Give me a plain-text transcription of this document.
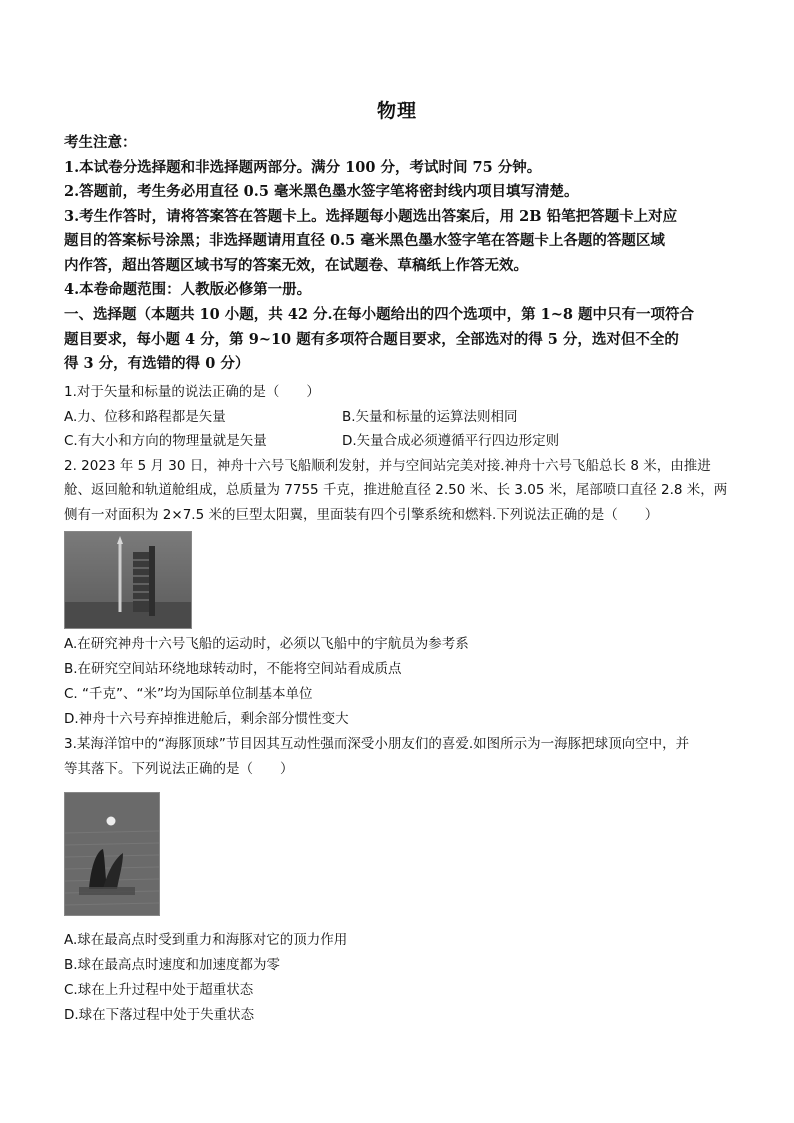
物理

考生注意：

1.本试卷分选择题和非选择题两部分。满分 100 分，考试时间 75 分钟。

2.答题前，考生务必用直径 0.5 毫米黑色墨水签字笔将密封线内项目填写清楚。

3.考生作答时，请将答案答在答题卡上。选择题每小题选出答案后，用 2B 铅笔把答题卡上对应

题目的答案标号涂黑；非选择题请用直径 0.5 毫米黑色墨水签字笔在答题卡上各题的答题区域

内作答，超出答题区域书写的答案无效，在试题卷、草稿纸上作答无效。

4.本卷命题范围：人教版必修第一册。

一、选择题（本题共 10 小题，共 42 分.在每小题给出的四个选项中，第 1~8 题中只有一项符合
题目要求，每小题 4 分，第 9~10 题有多项符合题目要求，全部选对的得 5 分，选对但不全的
得 3 分，有选错的得 0 分）

1.对于矢量和标量的说法正确的是（　　）

A.力、位移和路程都是矢量	B.矢量和标量的运算法则相同
C.有大小和方向的物理量就是矢量	D.矢量合成必须遵循平行四边形定则

2. 2023 年 5 月 30 日，神舟十六号飞船顺利发射，并与空间站完美对接.神舟十六号飞船总长 8 米，由推进

舱、返回舱和轨道舱组成，总质量为 7755 千克，推进舱直径 2.50 米、长 3.05 米，尾部喷口直径 2.8 米，两

侧有一对面积为 2×7.5 米的巨型太阳翼，里面装有四个引擎系统和燃料.下列说法正确的是（　　）

A.在研究神舟十六号飞船的运动时，必须以飞船中的宇航员为参考系

B.在研究空间站环绕地球转动时，不能将空间站看成质点

C. “千克”、“米”均为国际单位制基本单位

D.神舟十六号弃掉推进舱后，剩余部分惯性变大

3.某海洋馆中的“海豚顶球”节目因其互动性强而深受小朋友们的喜爱.如图所示为一海豚把球顶向空中，并

等其落下。下列说法正确的是（　　）

A.球在最高点时受到重力和海豚对它的顶力作用

B.球在最高点时速度和加速度都为零

C.球在上升过程中处于超重状态

D.球在下落过程中处于失重状态
